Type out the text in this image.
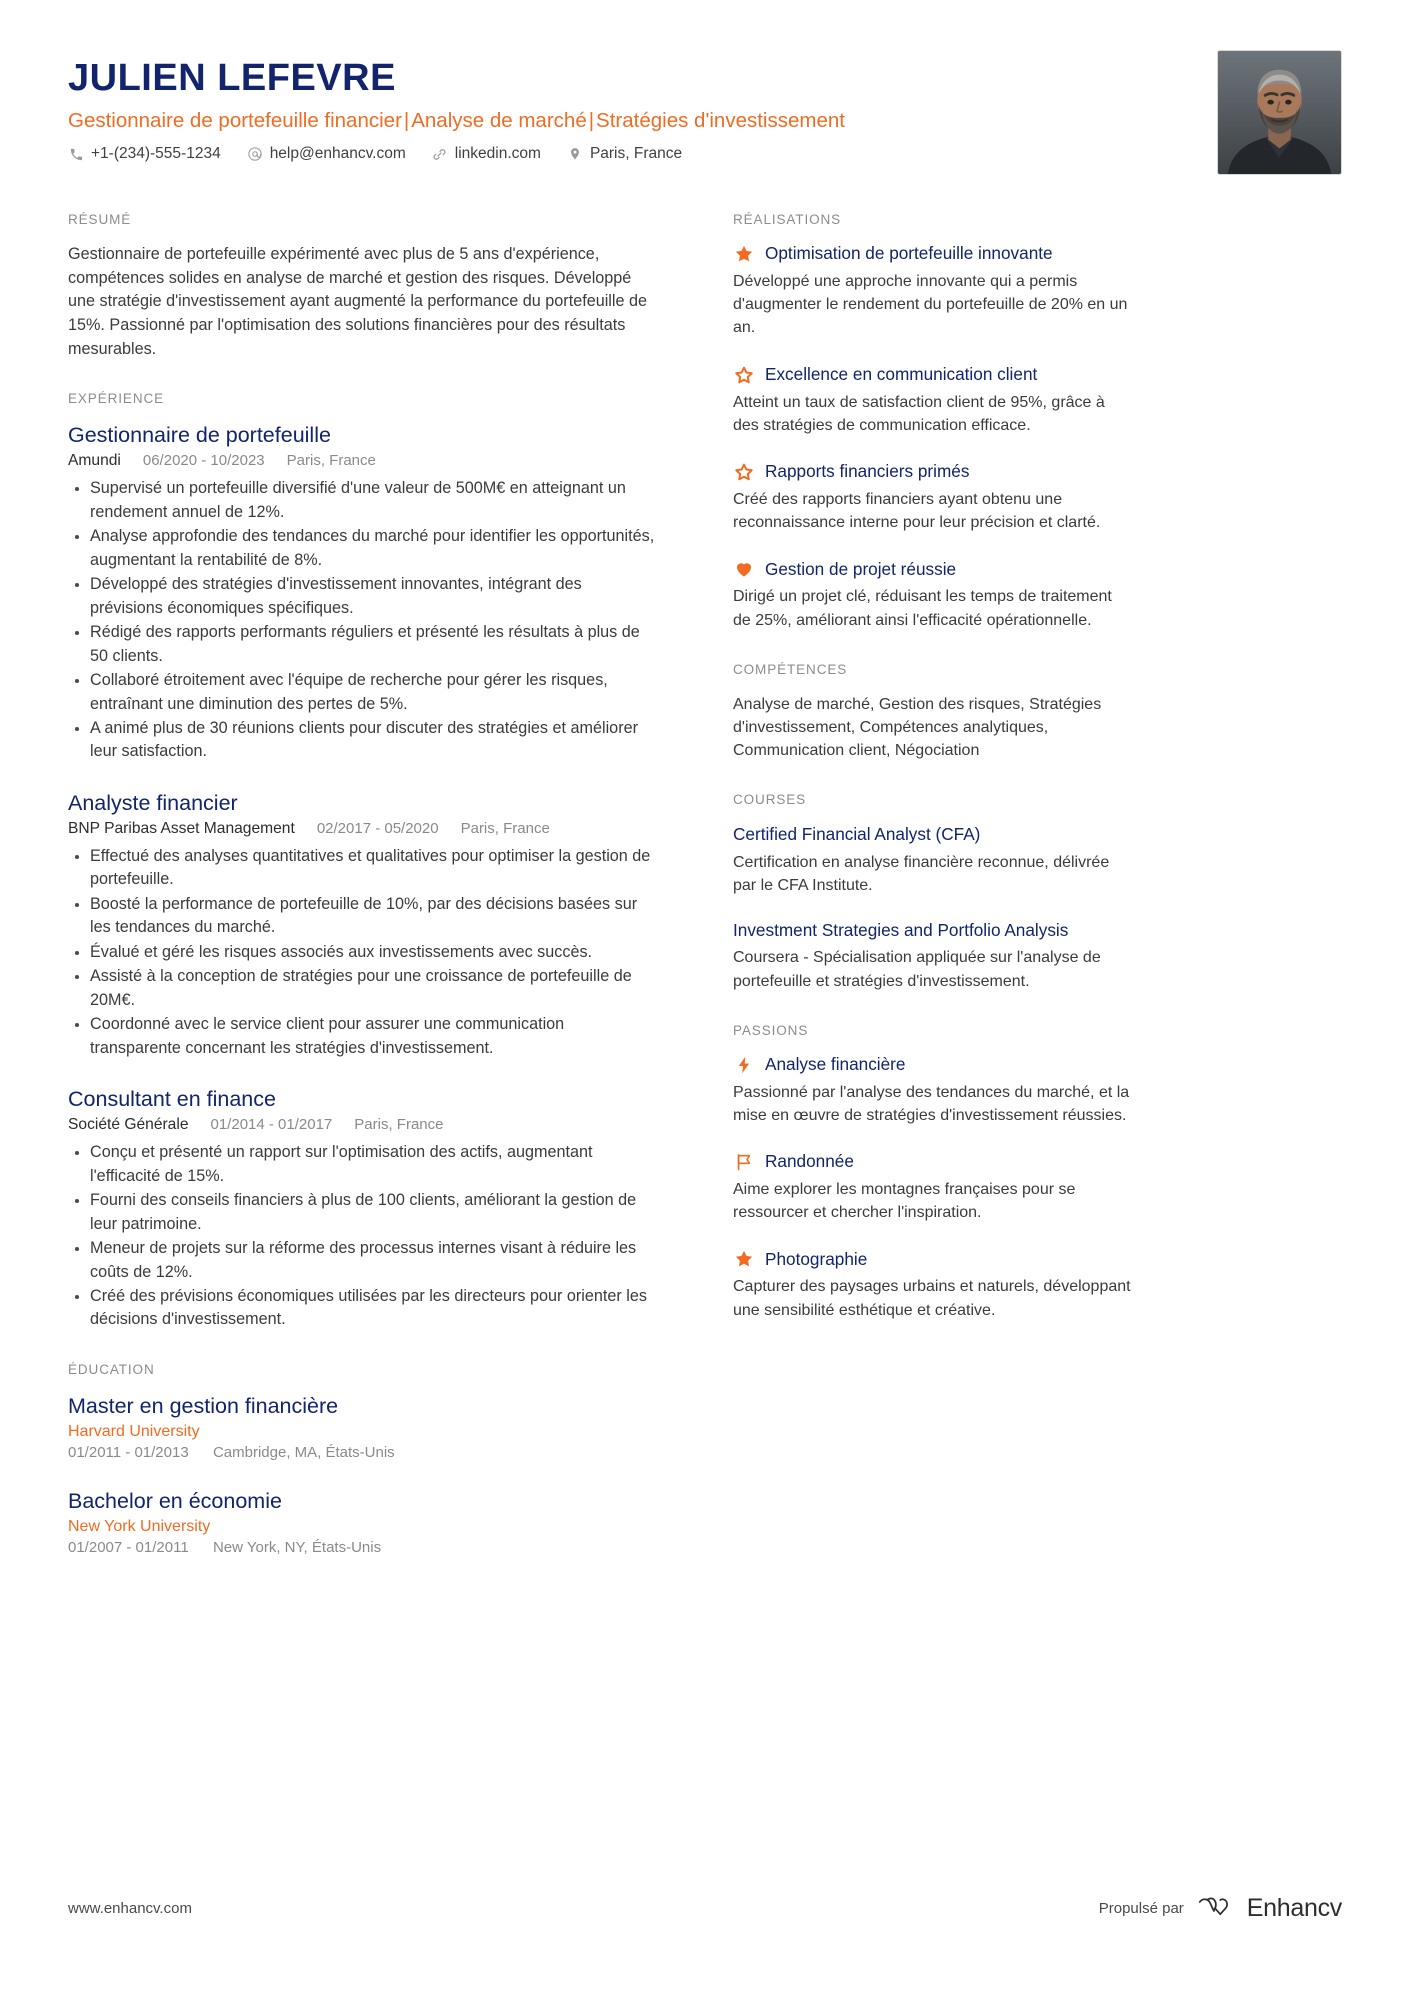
JULIEN LEFEVRE
Gestionnaire de portefeuille financier|Analyse de marché|Stratégies d'investissement
+1-(234)-555-1234	help@enhancv.com	linkedin.com	Paris, France
RÉSUMÉ
Gestionnaire de portefeuille expérimenté avec plus de 5 ans d'expérience, compétences solides en analyse de marché et gestion des risques. Développé une stratégie d'investissement ayant augmenté la performance du portefeuille de 15%. Passionné par l'optimisation des solutions financières pour des résultats mesurables.
EXPÉRIENCE
Gestionnaire de portefeuille
Amundi 06/2020 - 10/2023 Paris, France
Supervisé un portefeuille diversifié d'une valeur de 500M€ en atteignant un rendement annuel de 12%.
Analyse approfondie des tendances du marché pour identifier les opportunités, augmentant la rentabilité de 8%.
Développé des stratégies d'investissement innovantes, intégrant des prévisions économiques spécifiques.
Rédigé des rapports performants réguliers et présenté les résultats à plus de 50 clients.
Collaboré étroitement avec l'équipe de recherche pour gérer les risques, entraînant une diminution des pertes de 5%.
A animé plus de 30 réunions clients pour discuter des stratégies et améliorer leur satisfaction.
Analyste financier
BNP Paribas Asset Management 02/2017 - 05/2020 Paris, France
Effectué des analyses quantitatives et qualitatives pour optimiser la gestion de portefeuille.
Boosté la performance de portefeuille de 10%, par des décisions basées sur les tendances du marché.
Évalué et géré les risques associés aux investissements avec succès.
Assisté à la conception de stratégies pour une croissance de portefeuille de 20M€.
Coordonné avec le service client pour assurer une communication transparente concernant les stratégies d'investissement.
Consultant en finance
Société Générale 01/2014 - 01/2017 Paris, France
Conçu et présenté un rapport sur l'optimisation des actifs, augmentant l'efficacité de 15%.
Fourni des conseils financiers à plus de 100 clients, améliorant la gestion de leur patrimoine.
Meneur de projets sur la réforme des processus internes visant à réduire les coûts de 12%.
Créé des prévisions économiques utilisées par les directeurs pour orienter les décisions d'investissement.
ÉDUCATION
Master en gestion financière
Harvard University
01/2011 - 01/2013 Cambridge, MA, États-Unis
Bachelor en économie
New York University
01/2007 - 01/2011 New York, NY, États-Unis
RÉALISATIONS
Optimisation de portefeuille innovante
Développé une approche innovante qui a permis d'augmenter le rendement du portefeuille de 20% en un an.
Excellence en communication client
Atteint un taux de satisfaction client de 95%, grâce à des stratégies de communication efficace.
Rapports financiers primés
Créé des rapports financiers ayant obtenu une reconnaissance interne pour leur précision et clarté.
Gestion de projet réussie
Dirigé un projet clé, réduisant les temps de traitement de 25%, améliorant ainsi l'efficacité opérationnelle.
COMPÉTENCES
Analyse de marché, Gestion des risques, Stratégies d'investissement, Compétences analytiques, Communication client, Négociation
COURSES
Certified Financial Analyst (CFA)
Certification en analyse financière reconnue, délivrée par le CFA Institute.
Investment Strategies and Portfolio Analysis
Coursera - Spécialisation appliquée sur l'analyse de portefeuille et stratégies d'investissement.
PASSIONS
Analyse financière
Passionné par l'analyse des tendances du marché, et la mise en œuvre de stratégies d'investissement réussies.
Randonnée
Aime explorer les montagnes françaises pour se ressourcer et chercher l'inspiration.
Photographie
Capturer des paysages urbains et naturels, développant une sensibilité esthétique et créative.
www.enhancv.com	Propulsé par	Enhancv
